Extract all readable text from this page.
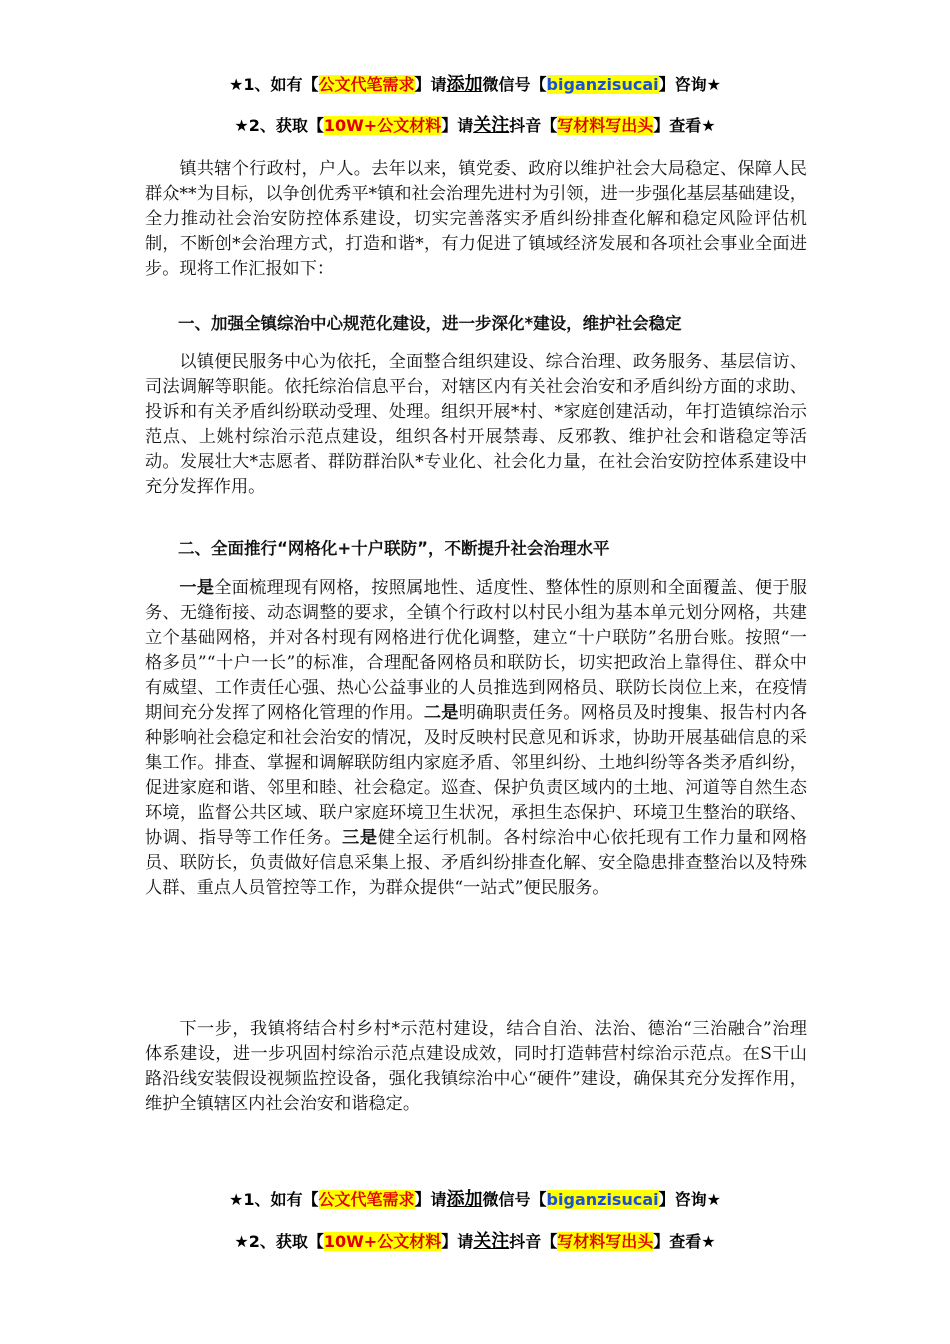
★1、如有【公文代笔需求】请添加微信号【biganzisucai】咨询★
★2、获取【10W+公文材料】请关注抖音【写材料写出头】查看★

镇共辖个行政村，户人。去年以来，镇党委、政府以维护社会大局稳定、保障人民群众**为目标，以争创优秀平*镇和社会治理先进村为引领，进一步强化基层基础建设，全力推动社会治安防控体系建设，切实完善落实矛盾纠纷排查化解和稳定风险评估机制，不断创*会治理方式，打造和谐*，有力促进了镇域经济发展和各项社会事业全面进步。现将工作汇报如下：

一、加强全镇综治中心规范化建设，进一步深化*建设，维护社会稳定

以镇便民服务中心为依托，全面整合组织建设、综合治理、政务服务、基层信访、司法调解等职能。依托综治信息平台，对辖区内有关社会治安和矛盾纠纷方面的求助、投诉和有关矛盾纠纷联动受理、处理。组织开展*村、*家庭创建活动，年打造镇综治示范点、上姚村综治示范点建设，组织各村开展禁毒、反邪教、维护社会和谐稳定等活动。发展壮大*志愿者、群防群治队*专业化、社会化力量，在社会治安防控体系建设中充分发挥作用。

二、全面推行“网格化+十户联防”，不断提升社会治理水平

一是全面梳理现有网格，按照属地性、适度性、整体性的原则和全面覆盖、便于服务、无缝衔接、动态调整的要求，全镇个行政村以村民小组为基本单元划分网格，共建立个基础网格，并对各村现有网格进行优化调整，建立“十户联防”名册台账。按照“一格多员”“十户一长”的标准，合理配备网格员和联防长，切实把政治上靠得住、群众中有威望、工作责任心强、热心公益事业的人员推选到网格员、联防长岗位上来，在疫情期间充分发挥了网格化管理的作用。二是明确职责任务。网格员及时搜集、报告村内各种影响社会稳定和社会治安的情况，及时反映村民意见和诉求，协助开展基础信息的采集工作。排查、掌握和调解联防组内家庭矛盾、邻里纠纷、土地纠纷等各类矛盾纠纷，促进家庭和谐、邻里和睦、社会稳定。巡查、保护负责区域内的土地、河道等自然生态环境，监督公共区域、联户家庭环境卫生状况，承担生态保护、环境卫生整治的联络、协调、指导等工作任务。三是健全运行机制。各村综治中心依托现有工作力量和网格员、联防长，负责做好信息采集上报、矛盾纠纷排查化解、安全隐患排查整治以及特殊人群、重点人员管控等工作，为群众提供“一站式”便民服务。

下一步，我镇将结合村乡村*示范村建设，结合自治、法治、德治“三治融合”治理体系建设，进一步巩固村综治示范点建设成效，同时打造韩营村综治示范点。在S干山路沿线安装假设视频监控设备，强化我镇综治中心“硬件”建设，确保其充分发挥作用，维护全镇辖区内社会治安和谐稳定。

★1、如有【公文代笔需求】请添加微信号【biganzisucai】咨询★
★2、获取【10W+公文材料】请关注抖音【写材料写出头】查看★
